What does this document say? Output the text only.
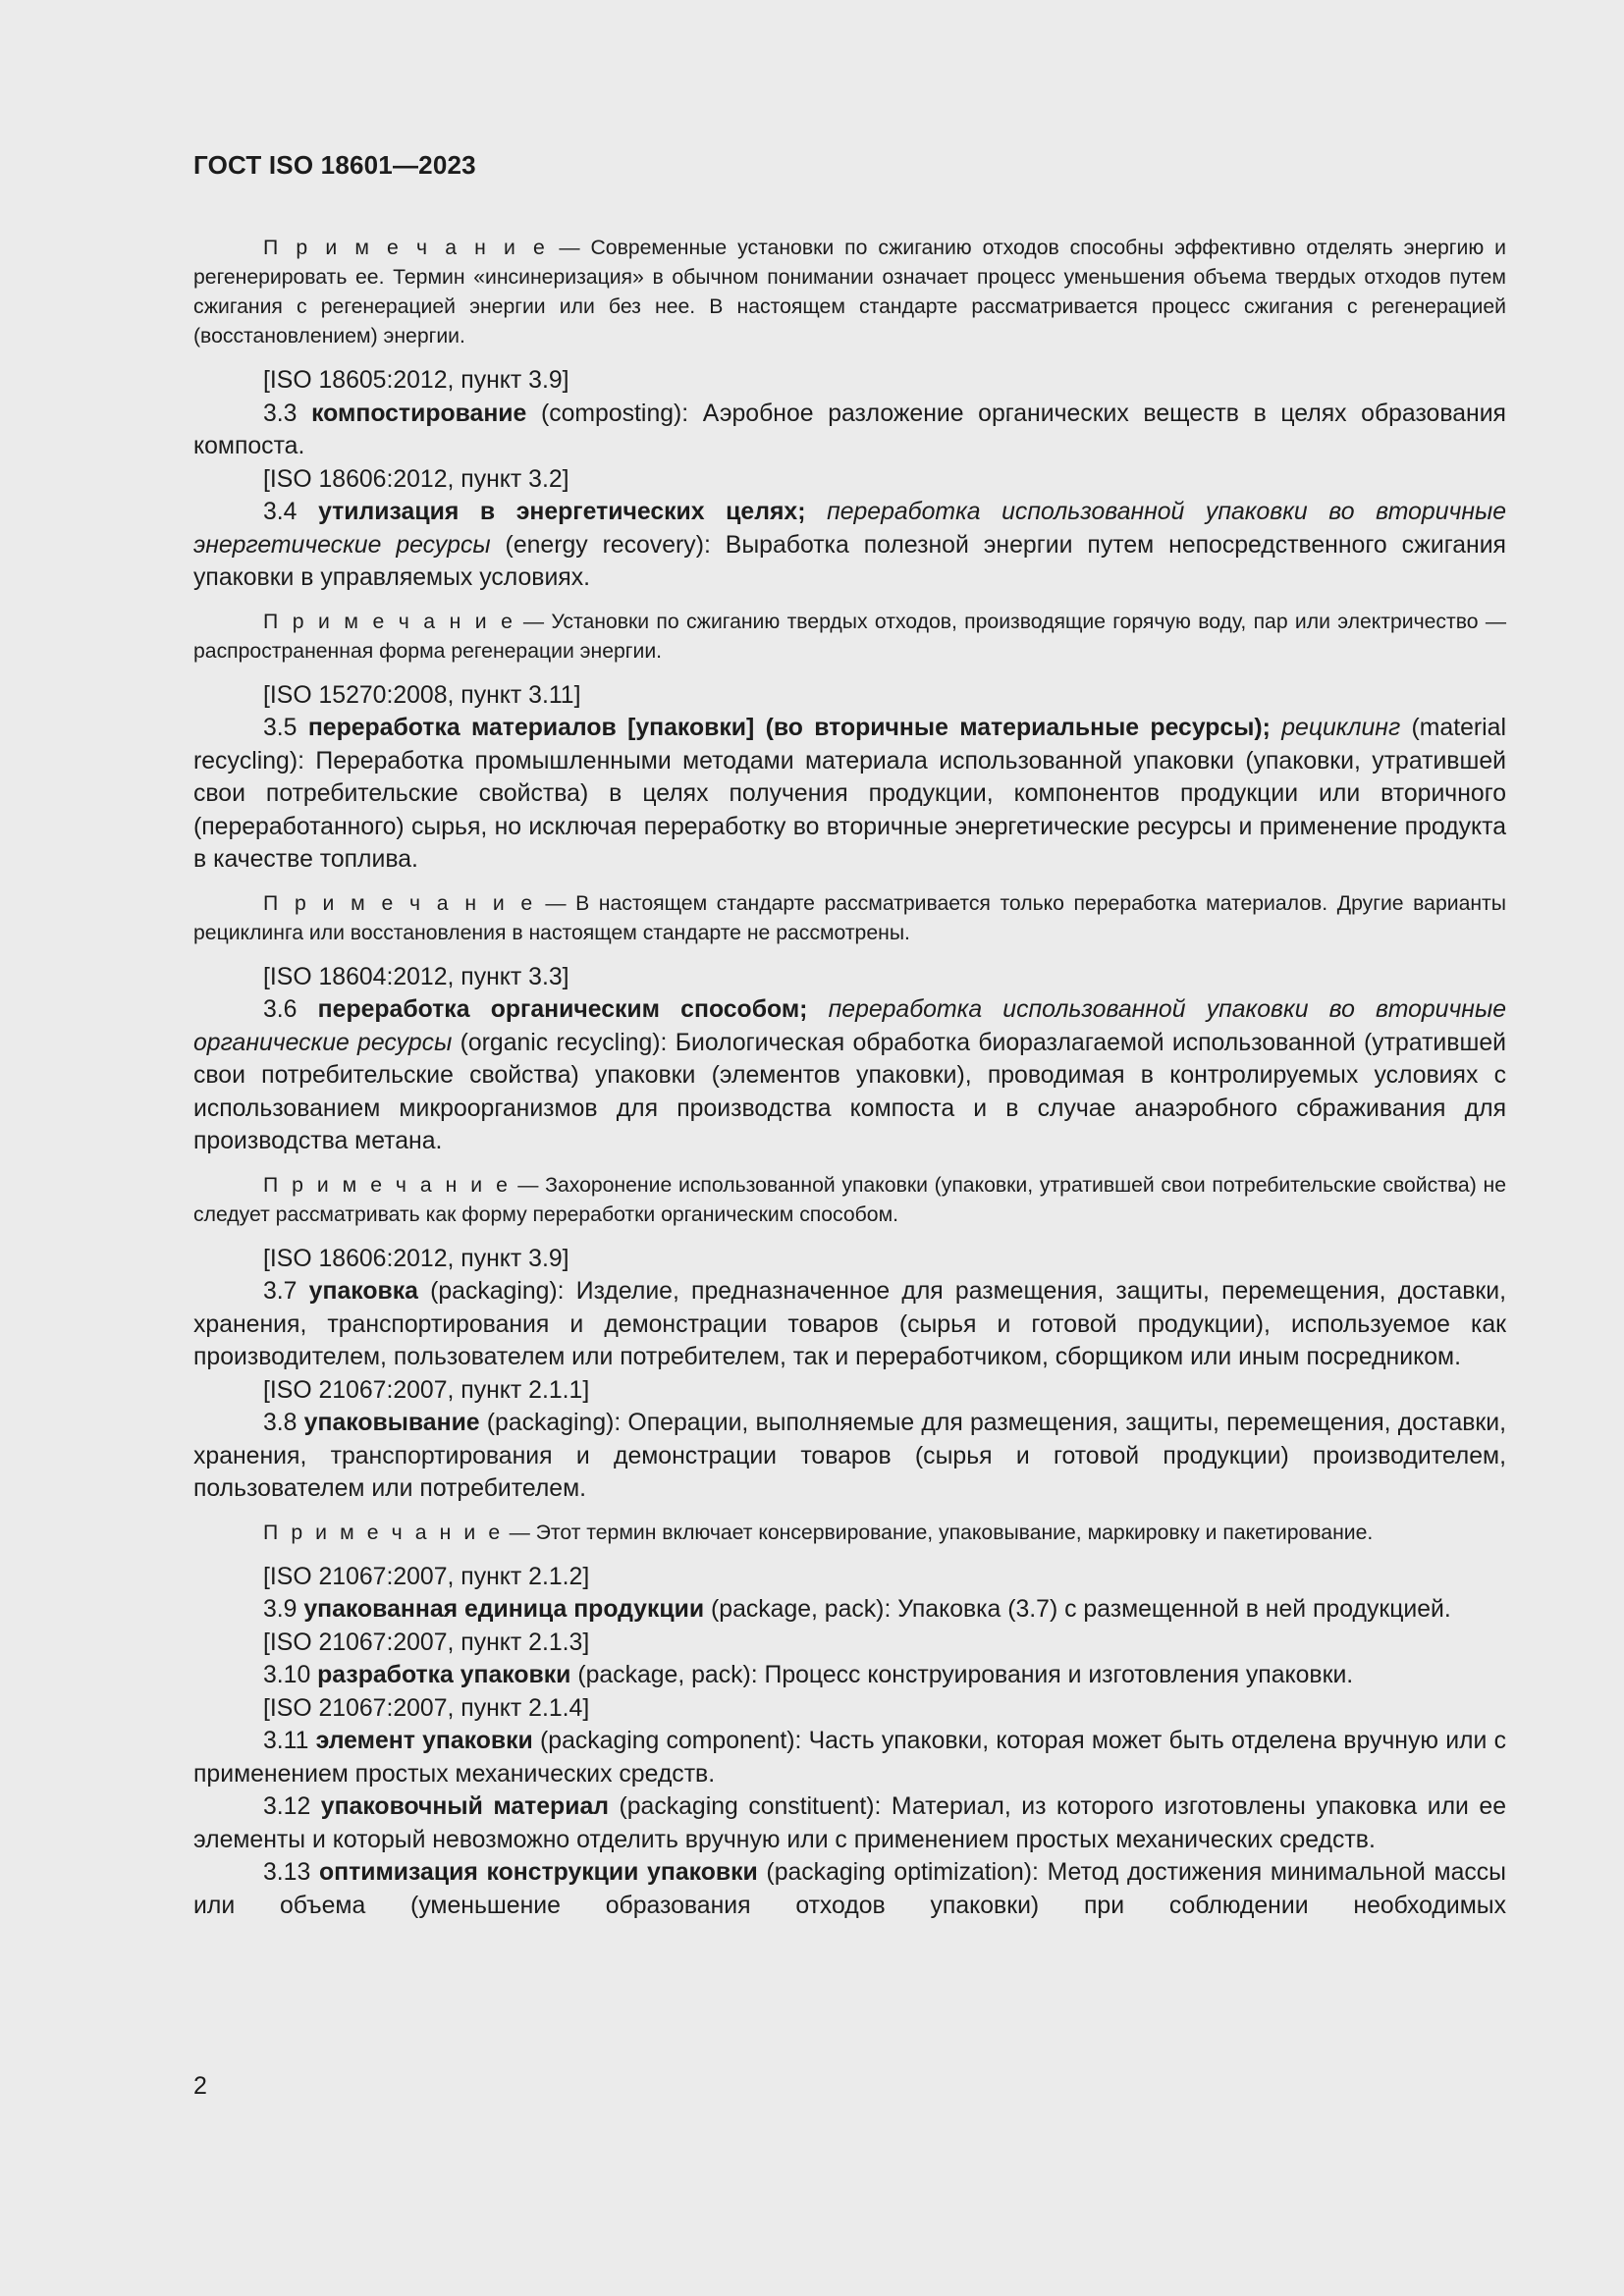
ГОСТ ISO 18601—2023

П р и м е ч а н и е — Современные установки по сжиганию отходов способны эффективно отделять энергию и регенерировать ее. Термин «инсинеризация» в обычном понимании означает процесс уменьшения объема твердых отходов путем сжигания с регенерацией энергии или без нее. В настоящем стандарте рассматривается процесс сжигания с регенерацией (восстановлением) энергии.

[ISO 18605:2012, пункт 3.9]

3.3 компостирование (composting): Аэробное разложение органических веществ в целях образования компоста.

[ISO 18606:2012, пункт 3.2]

3.4 утилизация в энергетических целях; переработка использованной упаковки во вторичные энергетические ресурсы (energy recovery): Выработка полезной энергии путем непосредственного сжигания упаковки в управляемых условиях.

П р и м е ч а н и е — Установки по сжиганию твердых отходов, производящие горячую воду, пар или электричество — распространенная форма регенерации энергии.

[ISO 15270:2008, пункт 3.11]

3.5 переработка материалов [упаковки] (во вторичные материальные ресурсы); рециклинг (material recycling): Переработка промышленными методами материала использованной упаковки (упаковки, утратившей свои потребительские свойства) в целях получения продукции, компонентов продукции или вторичного (переработанного) сырья, но исключая переработку во вторичные энергетические ресурсы и применение продукта в качестве топлива.

П р и м е ч а н и е — В настоящем стандарте рассматривается только переработка материалов. Другие варианты рециклинга или восстановления в настоящем стандарте не рассмотрены.

[ISO 18604:2012, пункт 3.3]

3.6 переработка органическим способом; переработка использованной упаковки во вторичные органические ресурсы (organic recycling): Биологическая обработка биоразлагаемой использованной (утратившей свои потребительские свойства) упаковки (элементов упаковки), проводимая в контролируемых условиях с использованием микроорганизмов для производства компоста и в случае анаэробного сбраживания для производства метана.

П р и м е ч а н и е — Захоронение использованной упаковки (упаковки, утратившей свои потребительские свойства) не следует рассматривать как форму переработки органическим способом.

[ISO 18606:2012, пункт 3.9]

3.7 упаковка (packaging): Изделие, предназначенное для размещения, защиты, перемещения, доставки, хранения, транспортирования и демонстрации товаров (сырья и готовой продукции), используемое как производителем, пользователем или потребителем, так и переработчиком, сборщиком или иным посредником.

[ISO 21067:2007, пункт 2.1.1]

3.8 упаковывание (packaging): Операции, выполняемые для размещения, защиты, перемещения, доставки, хранения, транспортирования и демонстрации товаров (сырья и готовой продукции) производителем, пользователем или потребителем.

П р и м е ч а н и е — Этот термин включает консервирование, упаковывание, маркировку и пакетирование.

[ISO 21067:2007, пункт 2.1.2]

3.9 упакованная единица продукции (package, pack): Упаковка (3.7) с размещенной в ней продукцией.

[ISO 21067:2007, пункт 2.1.3]

3.10 разработка упаковки (package, pack): Процесс конструирования и изготовления упаковки.

[ISO 21067:2007, пункт 2.1.4]

3.11 элемент упаковки (packaging component): Часть упаковки, которая может быть отделена вручную или с применением простых механических средств.

3.12 упаковочный материал (packaging constituent): Материал, из которого изготовлены упаковка или ее элементы и который невозможно отделить вручную или с применением простых механических средств.

3.13 оптимизация конструкции упаковки (packaging optimization): Метод достижения минимальной массы или объема (уменьшение образования отходов упаковки) при соблюдении необходимых

2
